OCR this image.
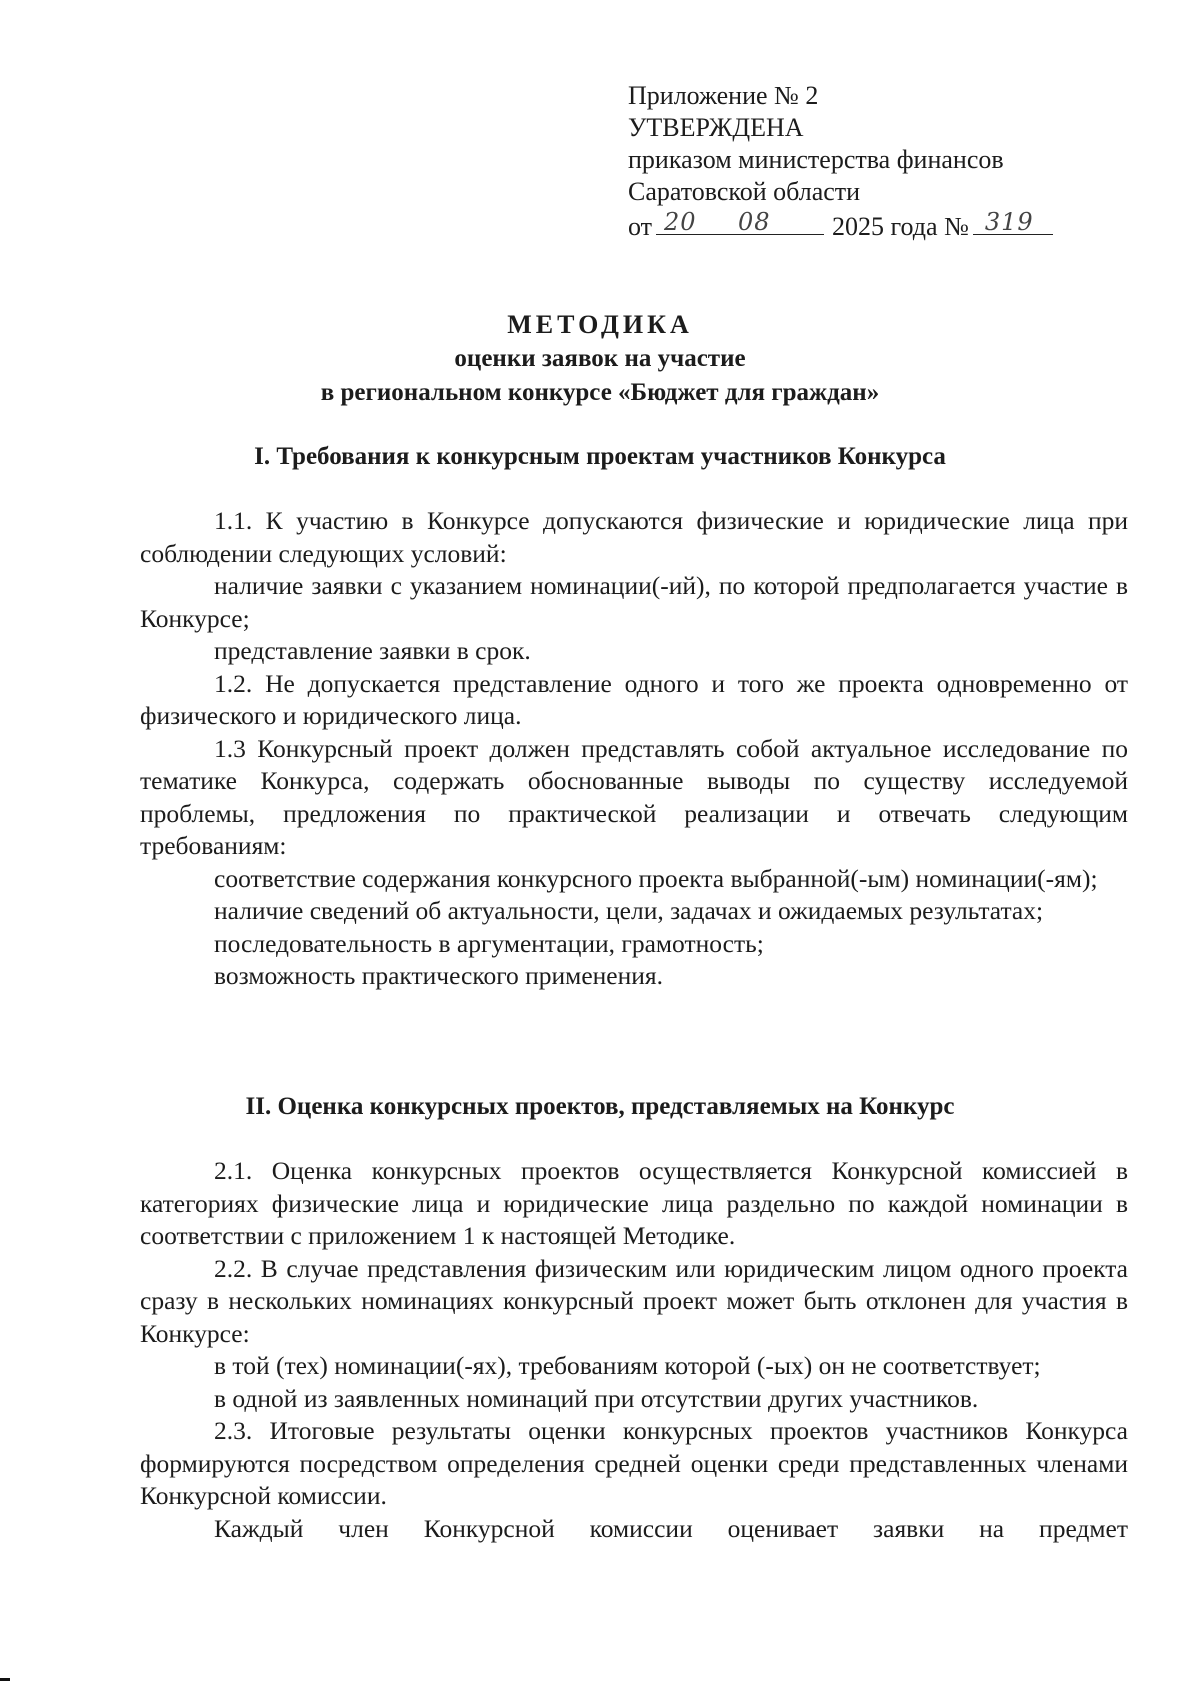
Приложение № 2
УТВЕРЖДЕНА
приказом министерства финансов
Саратовской области
от 20 08 2025 года № 319
МЕТОДИКА
оценки заявок на участие
в региональном конкурсе «Бюджет для граждан»
I. Требования к конкурсным проектам участников Конкурса

1.1. К участию в Конкурсе допускаются физические и юридические лица при соблюдении следующих условий:

наличие заявки с указанием номинации(-ий), по которой предполагается участие в Конкурсе;

представление заявки в срок.

1.2. Не допускается представление одного и того же проекта одновременно от физического и юридического лица.

1.3 Конкурсный проект должен представлять собой актуальное исследование по тематике Конкурса, содержать обоснованные выводы по существу исследуемой проблемы, предложения по практической реализации и отвечать следующим требованиям:

соответствие содержания конкурсного проекта выбранной(-ым) номинации(-ям);

наличие сведений об актуальности, цели, задачах и ожидаемых результатах;

последовательность в аргументации, грамотность;

возможность практического применения.

II. Оценка конкурсных проектов, представляемых на Конкурс

2.1. Оценка конкурсных проектов осуществляется Конкурсной комиссией в категориях физические лица и юридические лица раздельно по каждой номинации в соответствии с приложением 1 к настоящей Методике.

2.2. В случае представления физическим или юридическим лицом одного проекта сразу в нескольких номинациях конкурсный проект может быть отклонен для участия в Конкурсе:

в той (тех) номинации(-ях), требованиям которой (-ых) он не соответствует;

в одной из заявленных номинаций при отсутствии других участников.

2.3. Итоговые результаты оценки конкурсных проектов участников Конкурса формируются посредством определения средней оценки среди представленных членами Конкурсной комиссии.

Каждый член Конкурсной комиссии оценивает заявки на предмет
